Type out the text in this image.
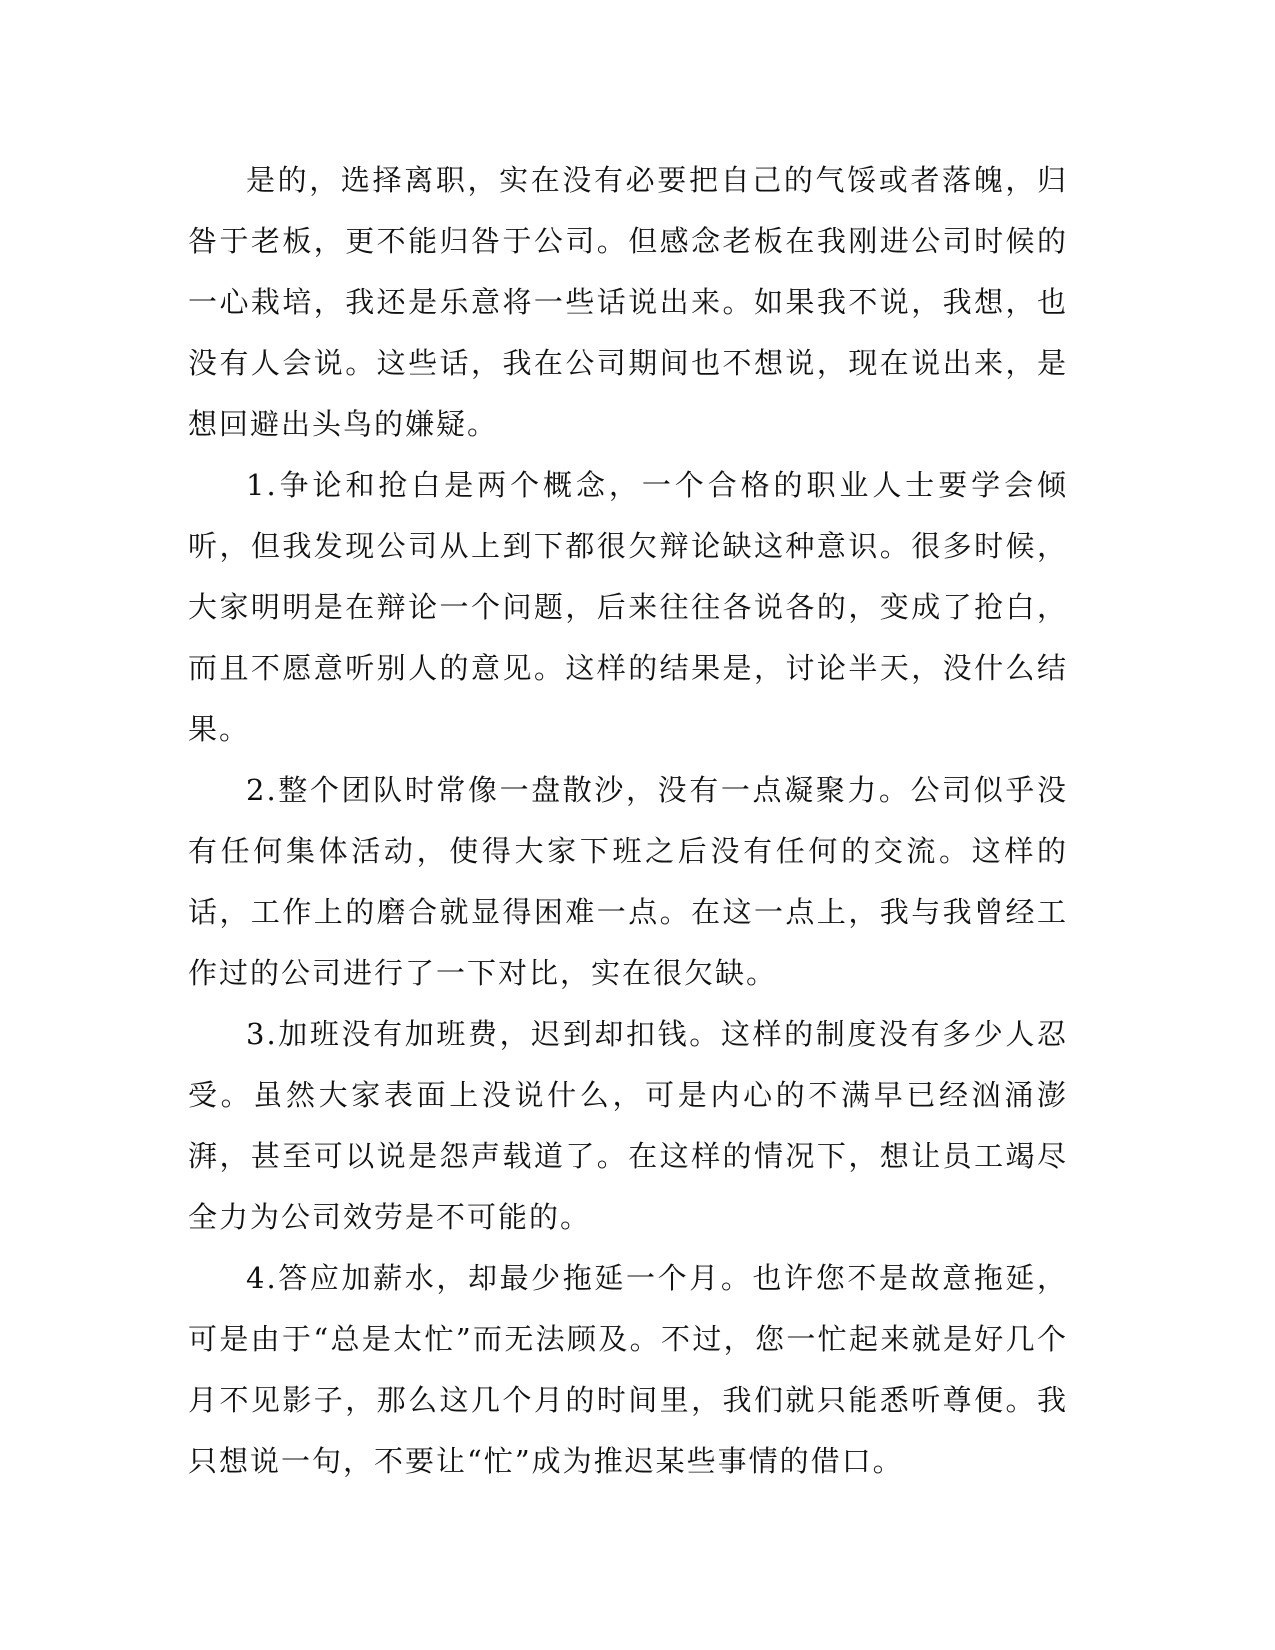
是的，选择离职，实在没有必要把自己的气馁或者落魄，归咎于老板，更不能归咎于公司。但感念老板在我刚进公司时候的一心栽培，我还是乐意将一些话说出来。如果我不说，我想，也没有人会说。这些话，我在公司期间也不想说，现在说出来，是想回避出头鸟的嫌疑。

1.争论和抢白是两个概念，一个合格的职业人士要学会倾听，但我发现公司从上到下都很欠辩论缺这种意识。很多时候，大家明明是在辩论一个问题，后来往往各说各的，变成了抢白，而且不愿意听别人的意见。这样的结果是，讨论半天，没什么结果。

2.整个团队时常像一盘散沙，没有一点凝聚力。公司似乎没有任何集体活动，使得大家下班之后没有任何的交流。这样的话，工作上的磨合就显得困难一点。在这一点上，我与我曾经工作过的公司进行了一下对比，实在很欠缺。

3.加班没有加班费，迟到却扣钱。这样的制度没有多少人忍受。虽然大家表面上没说什么，可是内心的不满早已经汹涌澎湃，甚至可以说是怨声载道了。在这样的情况下，想让员工竭尽全力为公司效劳是不可能的。

4.答应加薪水，却最少拖延一个月。也许您不是故意拖延，可是由于“总是太忙”而无法顾及。不过，您一忙起来就是好几个月不见影子，那么这几个月的时间里，我们就只能悉听尊便。我只想说一句，不要让“忙”成为推迟某些事情的借口。
